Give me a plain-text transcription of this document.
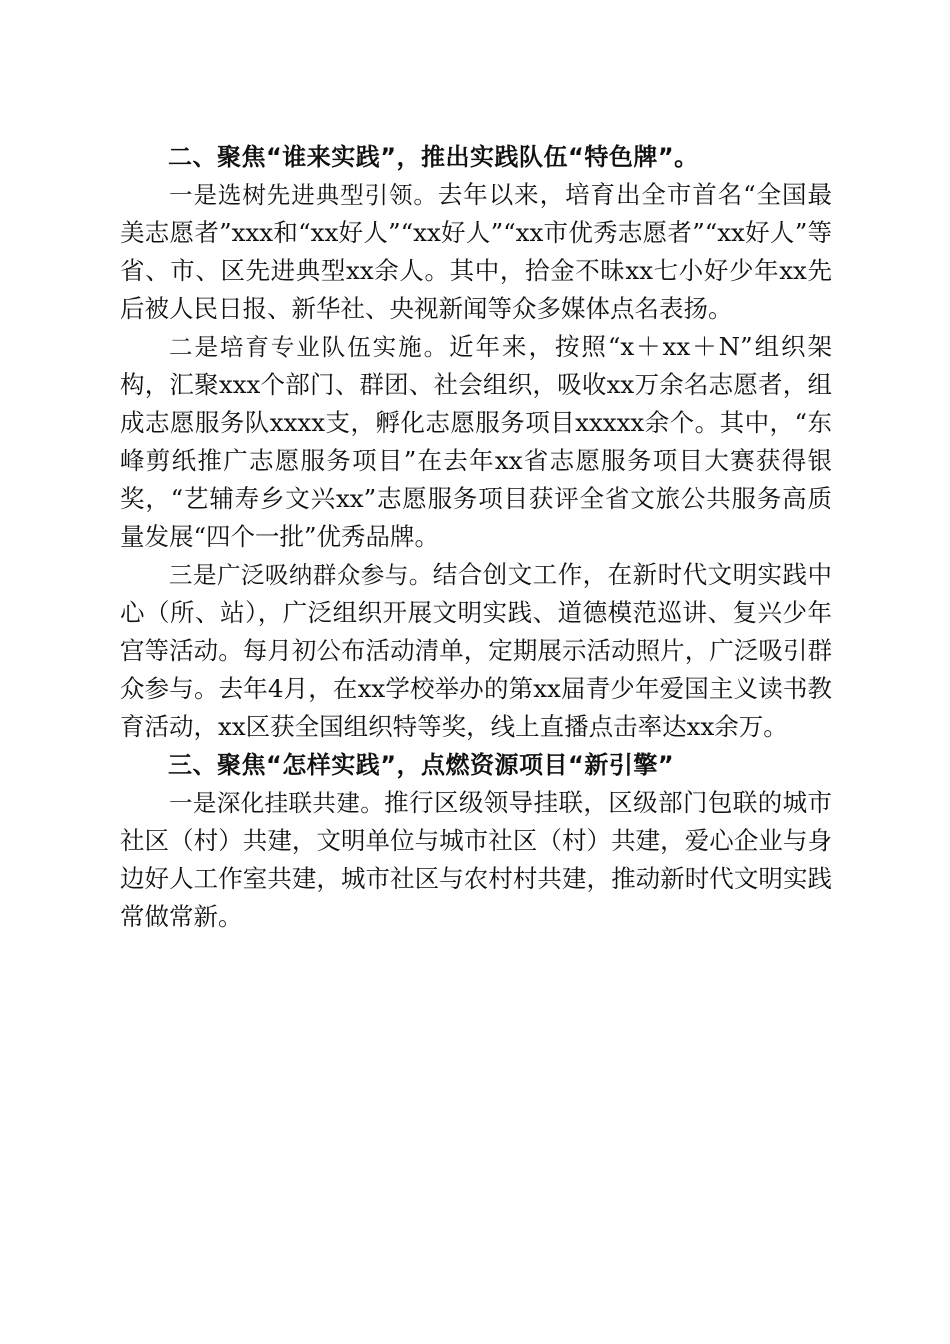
二、聚焦“谁来实践”，推出实践队伍“特色牌”。

一是选树先进典型引领。去年以来，培育出全市首名“全国最美志愿者”xxx和“xx好人”“xx好人”“xx市优秀志愿者”“xx好人”等省、市、区先进典型xx余人。其中，拾金不昧xx七小好少年xx先后被人民日报、新华社、央视新闻等众多媒体点名表扬。

二是培育专业队伍实施。近年来，按照“x＋xx＋N”组织架构，汇聚xxx个部门、群团、社会组织，吸收xx万余名志愿者，组成志愿服务队xxxx支，孵化志愿服务项目xxxxx余个。其中，“东峰剪纸推广志愿服务项目”在去年xx省志愿服务项目大赛获得银奖，“艺辅寿乡文兴xx”志愿服务项目获评全省文旅公共服务高质量发展“四个一批”优秀品牌。

三是广泛吸纳群众参与。结合创文工作，在新时代文明实践中心（所、站），广泛组织开展文明实践、道德模范巡讲、复兴少年宫等活动。每月初公布活动清单，定期展示活动照片，广泛吸引群众参与。去年4月，在xx学校举办的第xx届青少年爱国主义读书教育活动，xx区获全国组织特等奖，线上直播点击率达xx余万。

三、聚焦“怎样实践”，点燃资源项目“新引擎”

一是深化挂联共建。推行区级领导挂联，区级部门包联的城市社区（村）共建，文明单位与城市社区（村）共建，爱心企业与身边好人工作室共建，城市社区与农村村共建，推动新时代文明实践常做常新。
